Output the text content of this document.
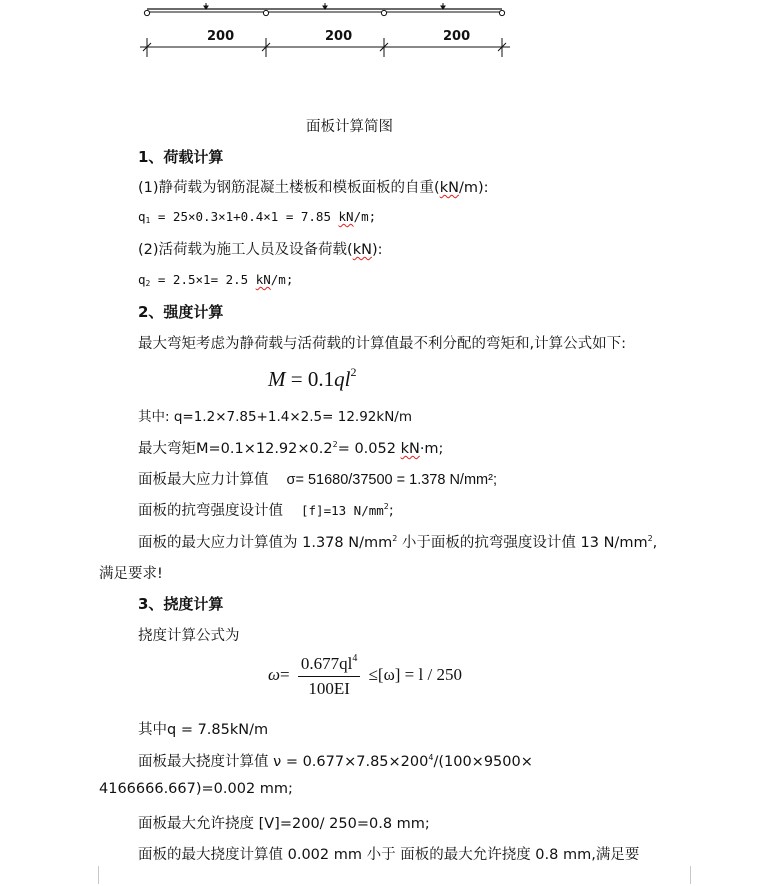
200	200	200
面板计算简图
1、荷载计算
(1)静荷载为钢筋混凝土楼板和模板面板的自重(kN/m):
$q_1 = 25\times 0.3\times 1+0.4\times 1 = 7.85$ kN/m;
(2)活荷载为施工人员及设备荷载(kN):
$q_2 = 2.5\times 1= 2.5$ kN/m;
2、强度计算
最大弯矩考虑为静荷载与活荷载的计算值最不利分配的弯矩和,计算公式如下:
$M = 0.1ql^2$
其中: q=1.2×7.85+1.4×2.5= 12.92kN/m
最大弯矩$M=0.1\times 12.92\times 0.2^2= 0.052$ kN·m;
面板最大应力计算值 σ= 51680/37500 = 1.378 N/mm²;
面板的抗弯强度设计值 [f]=13 $N/mm^2$;
面板的最大应力计算值为 1.378 $N/mm^2$ 小于面板的抗弯强度设计值 13 $N/mm^2$,
满足要求!
3、挠度计算
挠度计算公式为
$\omega= \frac{0.677ql^4}{100EI} \le[\omega] = l / 250$
其中q = 7.85kN/m
面板最大挠度计算值 $\nu = 0.677\times 7.85\times 200^4/(100\times 9500\times$
4166666.667)=0.002 mm;
面板最大允许挠度 [V]=200/ 250=0.8 mm;
面板的最大挠度计算值 0.002 mm 小于 面板的最大允许挠度 0.8 mm,满足要
